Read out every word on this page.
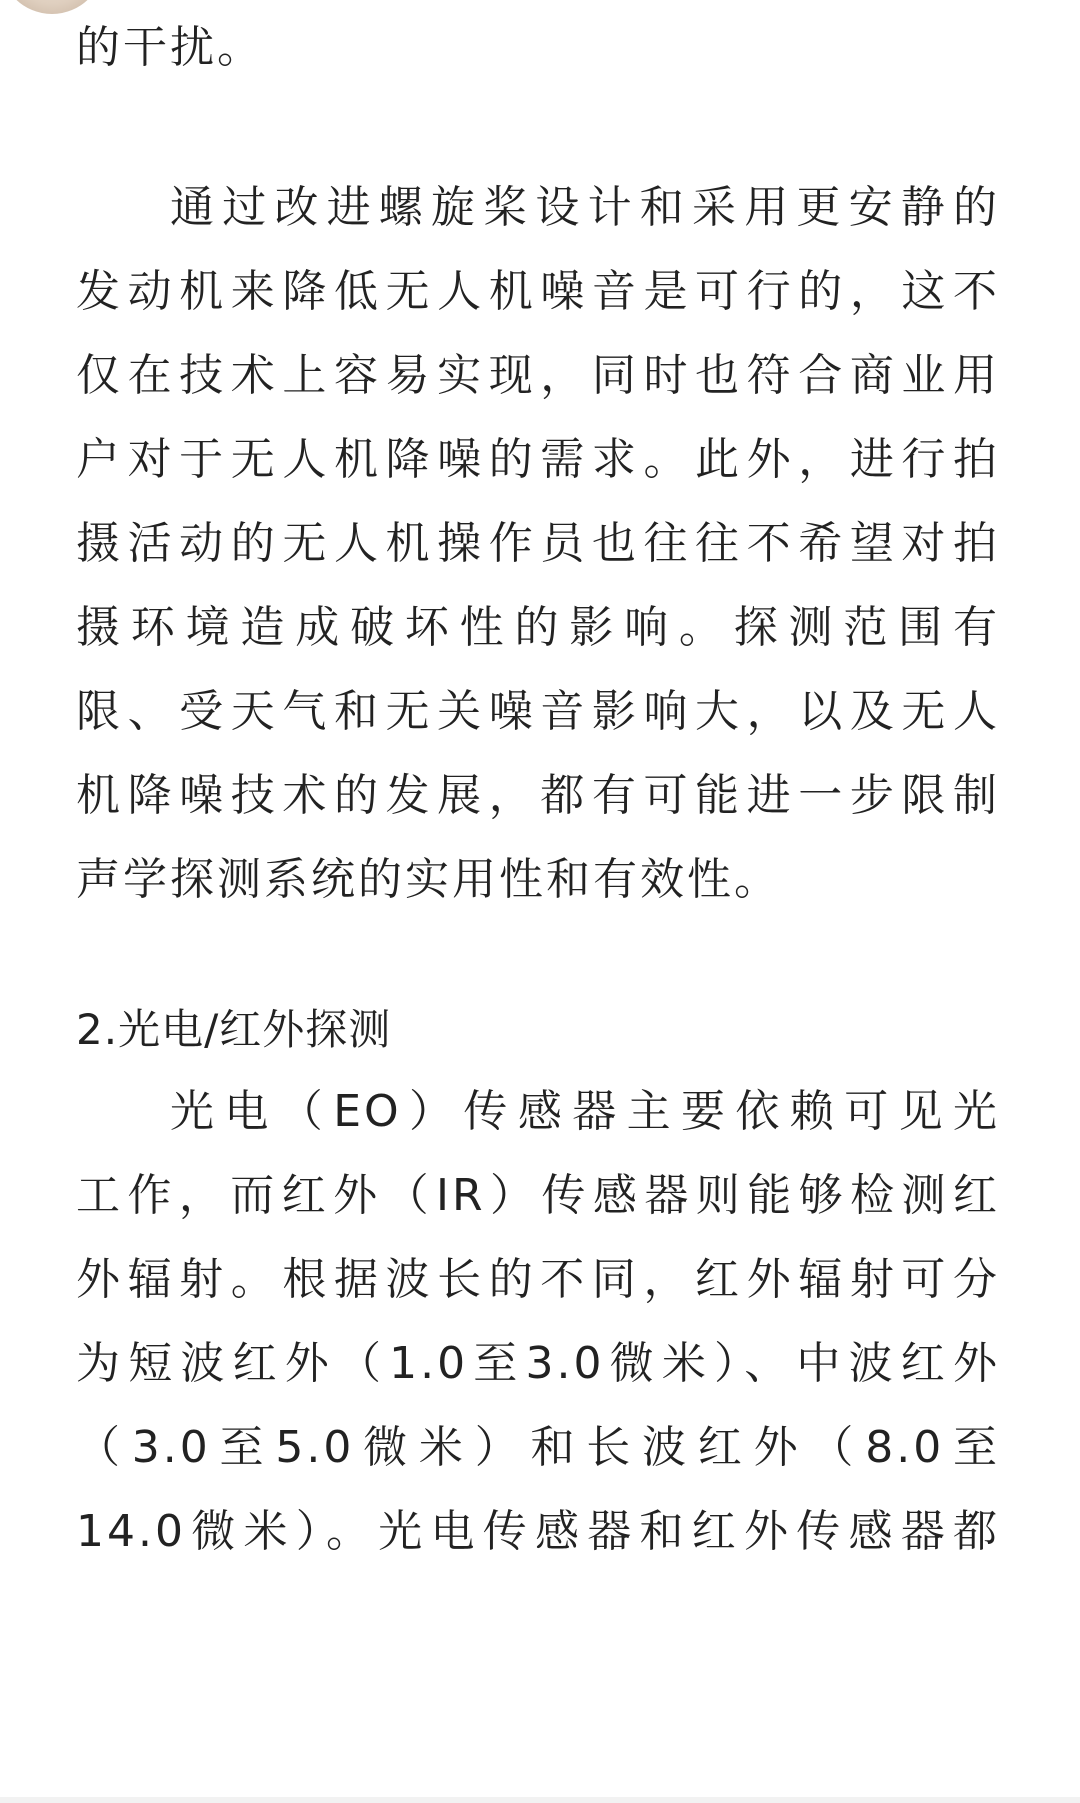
的干扰。
通过改进螺旋桨设计和采用更安静的
发动机来降低无人机噪音是可行的，这不
仅在技术上容易实现，同时也符合商业用
户对于无人机降噪的需求。此外，进行拍
摄活动的无人机操作员也往往不希望对拍
摄环境造成破坏性的影响。探测范围有
限、受天气和无关噪音影响大，以及无人
机降噪技术的发展，都有可能进一步限制
声学探测系统的实用性和有效性。
2.光电/红外探测
光电（EO）传感器主要依赖可见光
工作，而红外（IR）传感器则能够检测红
外辐射。根据波长的不同，红外辐射可分
为短波红外（1.0至3.0微米）、中波红外
（3.0至5.0微米）和长波红外（8.0至
14.0微米）。光电传感器和红外传感器都
